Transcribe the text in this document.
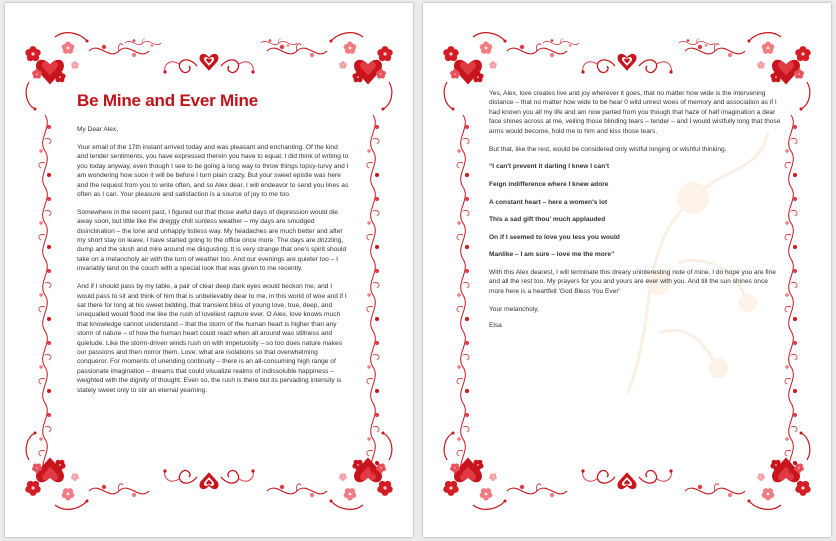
Be Mine and Ever Mine

My Dear Alex,

Your email of the 17th instant arrived today and was pleasant and enchanting. Of the kind and tender sentiments, you have expressed therein you have to equal. I did think of writing to you today anyway, even though I see to be going a long way to throw things topsy-turvy and I am wondering how soon it will be before I turn plain crazy. But your sweet epistle was here and the request from you to write often, and so Alex dear, I will endeavor to send you lines as often as I can. Your pleasure and satisfaction is a source of joy to me too.

Somewhere in the recent past, I figured out that those awful days of depression would die away soon, but little like the dreggy chill sunless weather – my days are smudged disinclination – the lone and unhappy listless way. My headaches are much better and after my short stay on leave, I have started going to the office once more. The days are drizzling, dump and the slush and mire around me disgusting. It is very strange that one's spirit should take on a melancholy air with the turn of weather too. And our evenings are quieter too – I invariably land on the couch with a special look that was given to me recently.

And if I should pass by my table, a pair of clear deep dark eyes would beckon me, and I would pass to sit and think of him that is unbelievably dear to me, in this world of woe and if I sat there for long at his sweet bidding, that transient bliss of young love, true, deep, and unequalled would flood me like the rush of loveliest rapture ever. O Alex, love knows much that knowledge cannot understand – that the storm of the human heart is higher than any storm of nature – of how the human heart could react when all around was stillness and quietude. Like the storm-driven winds rush on with impetuosity – so too does nature makes our passions and then mirror them. Love: what are isolations so that overwhelming conqueror. For moments of unending continuity – there is an all-consuming high range of passionate imagination – dreams that could visualize realms of indissoluble happiness – weighted with the dignity of thought. Even so, the rush is there but its pervading intensity is stately sweet only to stir an eternal yearning.

Yes, Alex, love creates live and joy wherever it goes, that no matter how wide is the intervening distance – that no matter how wide to be hear 0 wild unrest woes of memory and association as if I had known you all my life and am now parted from you though that haze of half imagination a dear face shines across at me, veiling those blinding tears – tender – and I would wistfully long that those arms would become, hold me to him and kiss those tears.

But that, like the rest, would be considered only wistful longing or wishful thinking.

“I can't prevent it darling I knew I can't

Feign indifference where I knew adore

A constant heart – here a women's lot

This a sad gift thou' much applauded

On if I seemed to love you less you would

Manlike – I am sure – love me the more”

With this Alex dearest, I will terminate this dreary uninteresting note of mine. I do hope you are fine and all the rest too. My prayers for you and yours are ever with you. And till the sun shines once more here is a heartfelt 'God Bless You Ever'

Your melancholy,

Elsa
